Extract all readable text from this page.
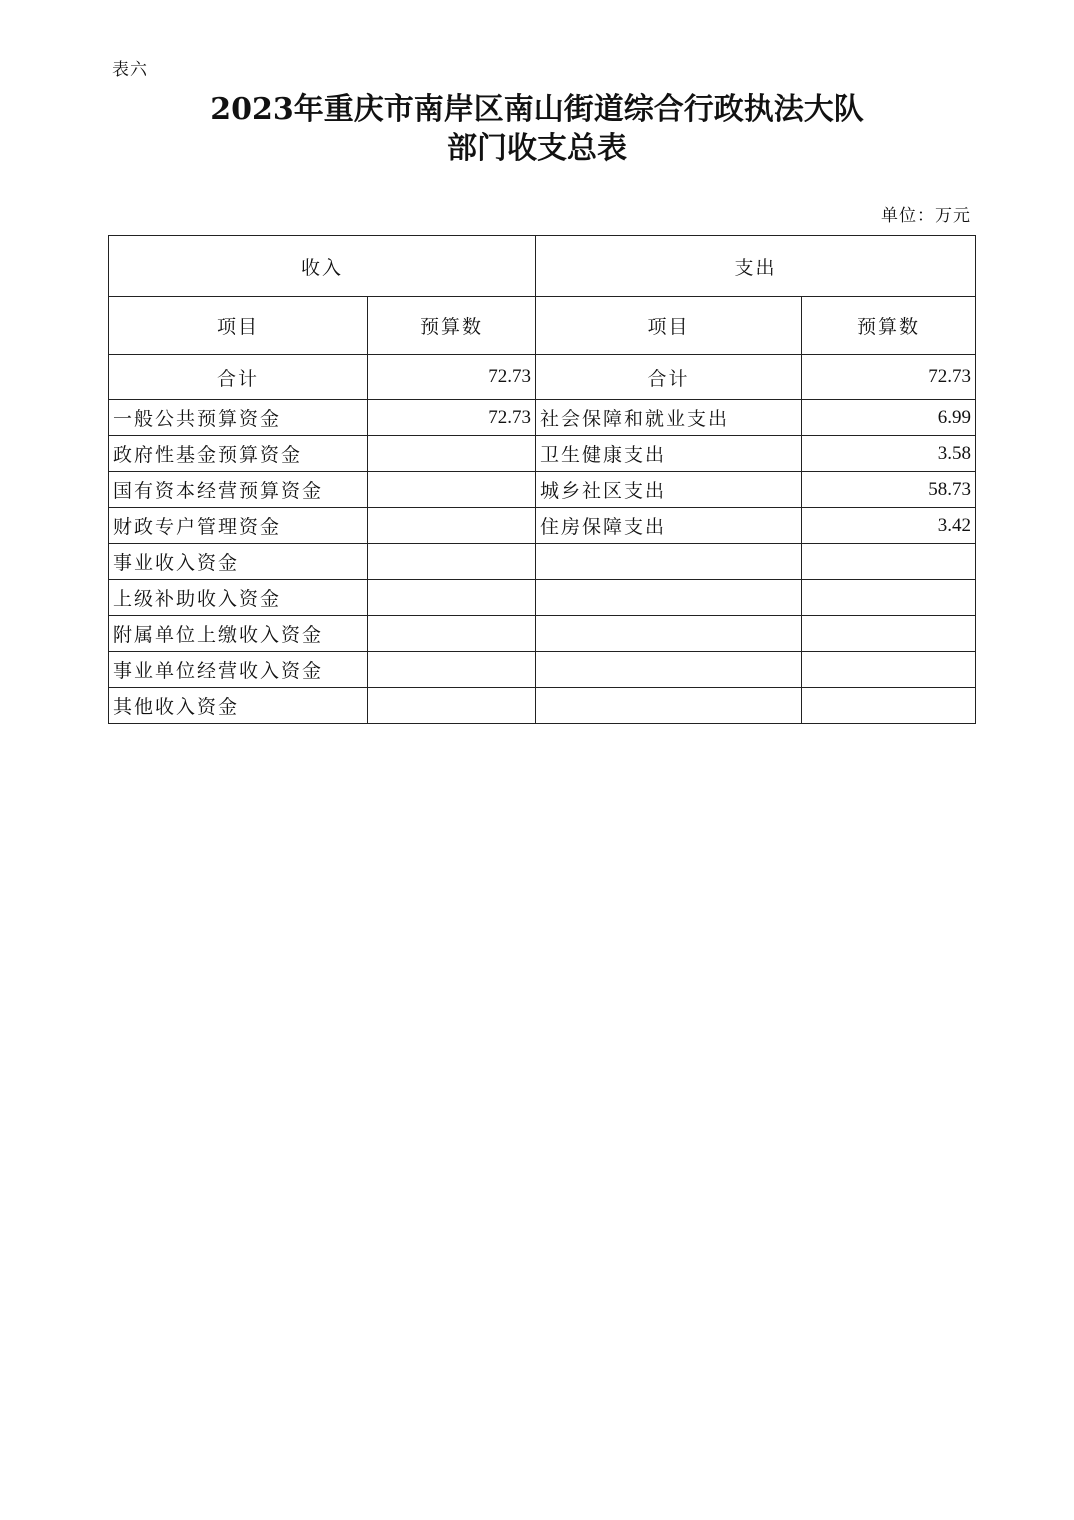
表六
2023年重庆市南岸区南山街道综合行政执法大队
部门收支总表
单位：万元
收入		支出	
项目	预算数	项目	预算数
合计	72.73	合计	72.73
一般公共预算资金	72.73	社会保障和就业支出	6.99
政府性基金预算资金		卫生健康支出	3.58
国有资本经营预算资金		城乡社区支出	58.73
财政专户管理资金		住房保障支出	3.42
事业收入资金			
上级补助收入资金			
附属单位上缴收入资金			
事业单位经营收入资金			
其他收入资金			
